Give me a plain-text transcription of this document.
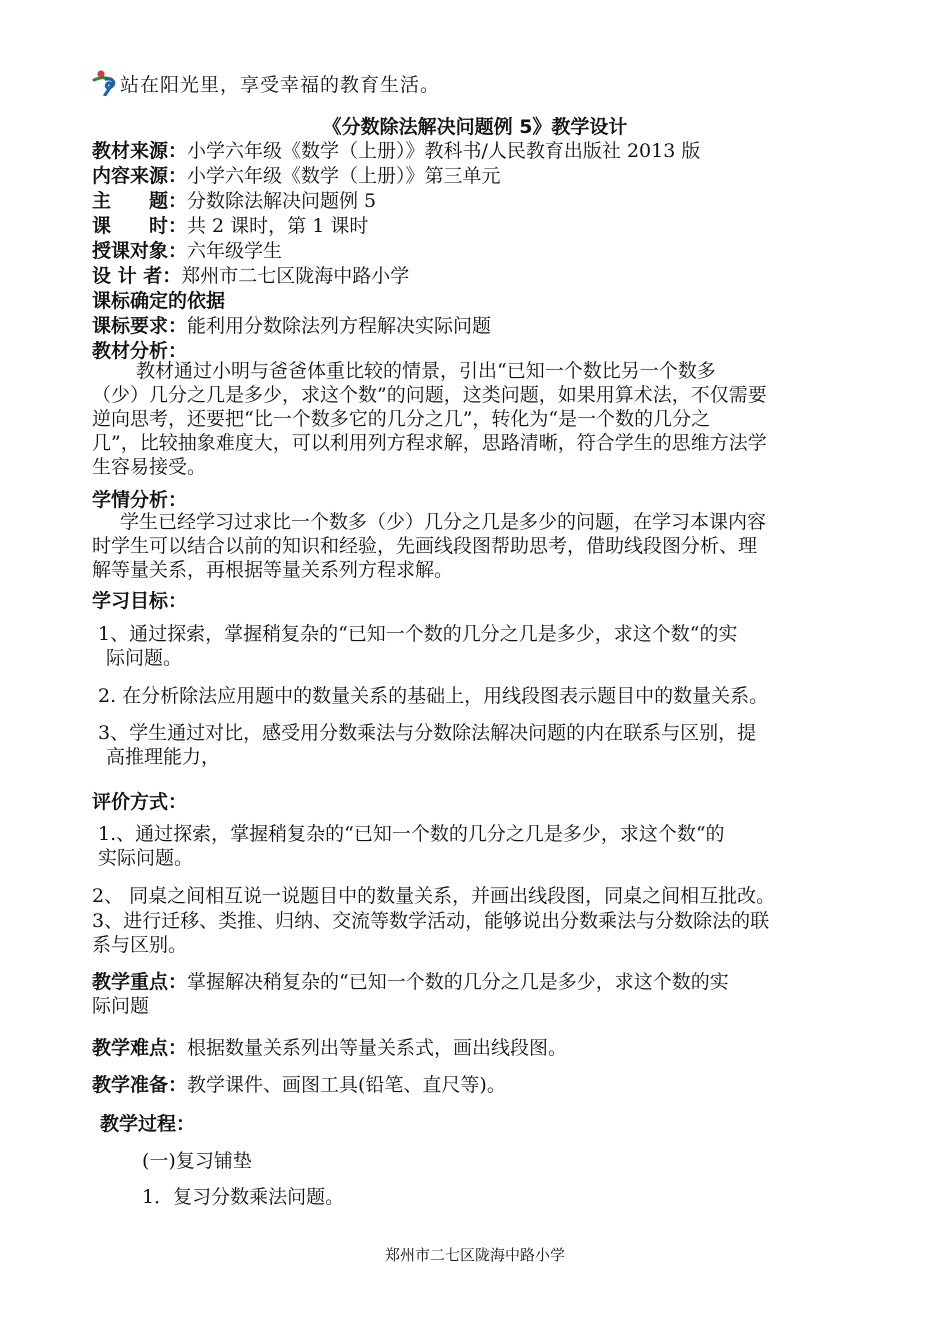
站在阳光里，享受幸福的教育生活。
《分数除法解决问题例 5》教学设计
教材来源：小学六年级《数学（上册）》教科书/人民教育出版社 2013 版
内容来源：小学六年级《数学（上册）》第三单元
主　　题：分数除法解决问题例 5
课　　时：共 2 课时，第 1 课时
授课对象：六年级学生
设 计 者：郑州市二七区陇海中路小学
课标确定的依据
课标要求：能利用分数除法列方程解决实际问题
教材分析：
教材通过小明与爸爸体重比较的情景，引出“已知一个数比另一个数多
（少）几分之几是多少，求这个数”的问题，这类问题，如果用算术法，不仅需要
逆向思考，还要把“比一个数多它的几分之几”，转化为“是一个数的几分之
几”，比较抽象难度大，可以利用列方程求解，思路清晰，符合学生的思维方法学
生容易接受。
学情分析：
学生已经学习过求比一个数多（少）几分之几是多少的问题，在学习本课内容
时学生可以结合以前的知识和经验，先画线段图帮助思考，借助线段图分析、理
解等量关系，再根据等量关系列方程求解。
学习目标：
1、通过探索，掌握稍复杂的“已知一个数的几分之几是多少，求这个数“的实
际问题。
2. 在分析除法应用题中的数量关系的基础上，用线段图表示题目中的数量关系。
3、学生通过对比，感受用分数乘法与分数除法解决问题的内在联系与区别，提
高推理能力，
评价方式：
1.、通过探索，掌握稍复杂的“已知一个数的几分之几是多少，求这个数“的
实际问题。
2、 同桌之间相互说一说题目中的数量关系，并画出线段图，同桌之间相互批改。
3、进行迁移、类推、归纳、交流等数学活动，能够说出分数乘法与分数除法的联
系与区别。
教学重点：掌握解决稍复杂的“已知一个数的几分之几是多少，求这个数的实
际问题
教学难点：根据数量关系列出等量关系式，画出线段图。
教学准备：教学课件、画图工具(铅笔、直尺等)。
教学过程：
(一)复习铺垫
1．复习分数乘法问题。
郑州市二七区陇海中路小学
